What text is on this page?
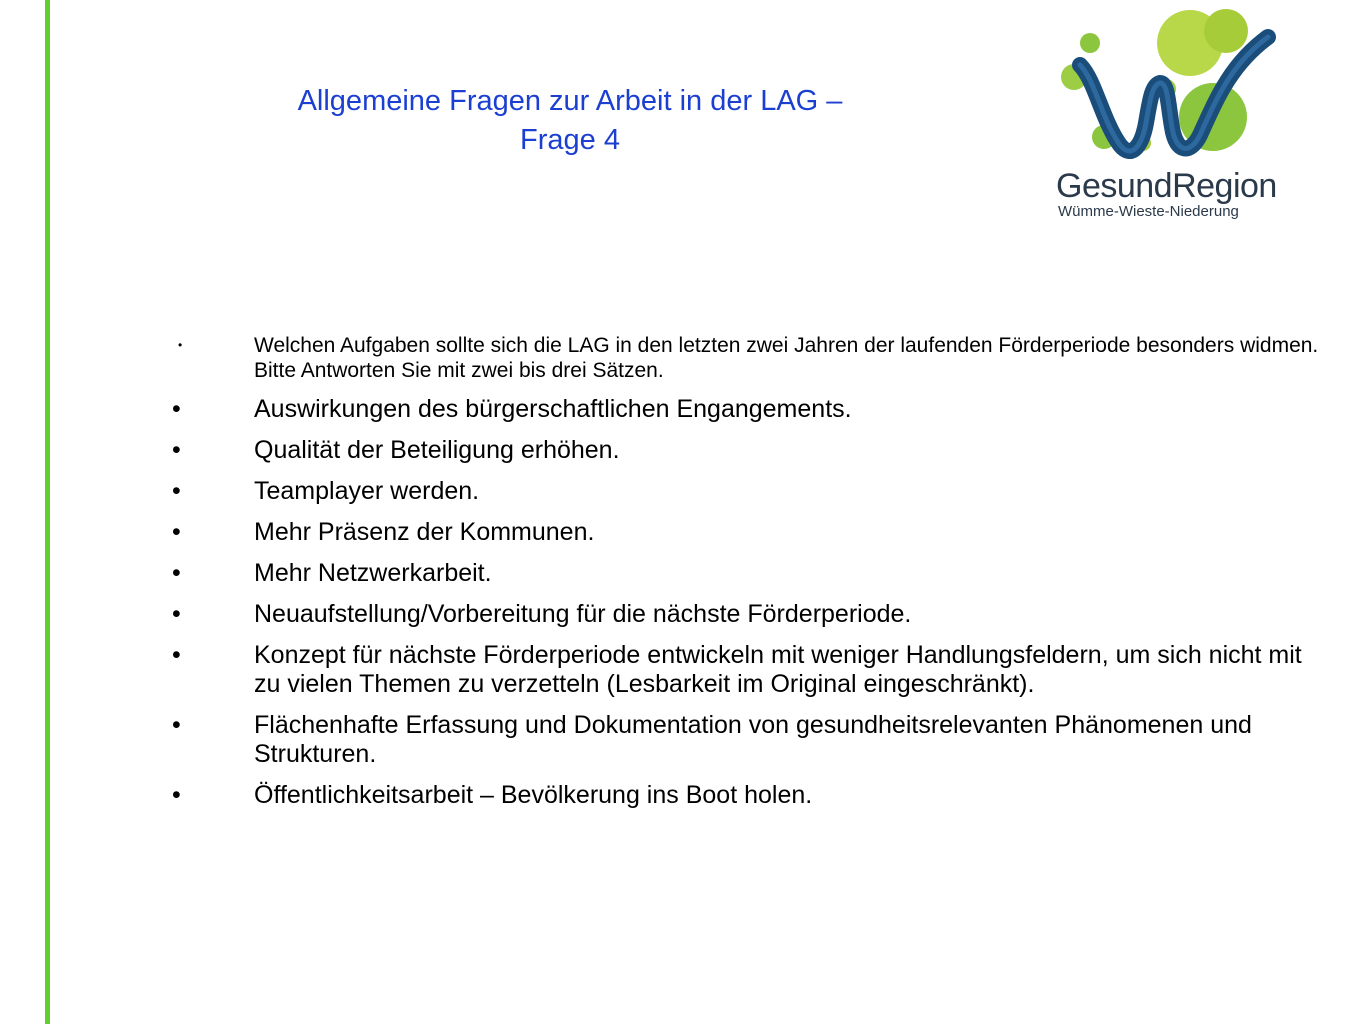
Allgemeine Fragen zur Arbeit in der LAG –
Frage 4
GesundRegion
Wümme-Wieste-Niederung
•	Welchen Aufgaben sollte sich die LAG in den letzten zwei Jahren der laufenden Förderperiode besonders widmen. Bitte Antworten Sie mit zwei bis drei Sätzen.
•	Auswirkungen des bürgerschaftlichen Engangements.
•	Qualität der Beteiligung erhöhen.
•	Teamplayer werden.
•	Mehr Präsenz der Kommunen.
•	Mehr Netzwerkarbeit.
•	Neuaufstellung/Vorbereitung für die nächste Förderperiode.
•	Konzept für nächste Förderperiode entwickeln mit weniger Handlungsfeldern, um sich nicht mit zu vielen Themen zu verzetteln (Lesbarkeit im Original eingeschränkt).
•	Flächenhafte Erfassung und Dokumentation von gesundheitsrelevanten Phänomenen und Strukturen.
•	Öffentlichkeitsarbeit – Bevölkerung ins Boot holen.
